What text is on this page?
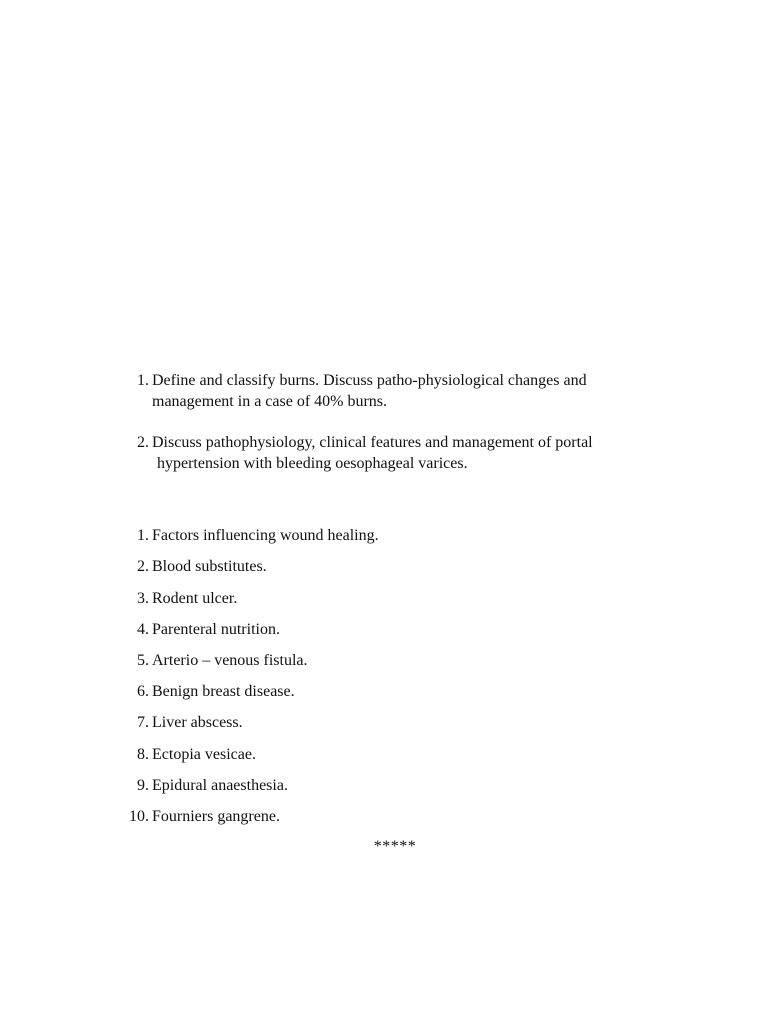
1. Define and classify burns. Discuss patho-physiological changes and
management in a case of 40% burns.
2. Discuss pathophysiology, clinical features and management of portal
hypertension with bleeding oesophageal varices.
1. Factors influencing wound healing.
2. Blood substitutes.
3. Rodent ulcer.
4. Parenteral nutrition.
5. Arterio – venous fistula.
6. Benign breast disease.
7. Liver abscess.
8. Ectopia vesicae.
9. Epidural anaesthesia.
10. Fourniers gangrene.
*****
